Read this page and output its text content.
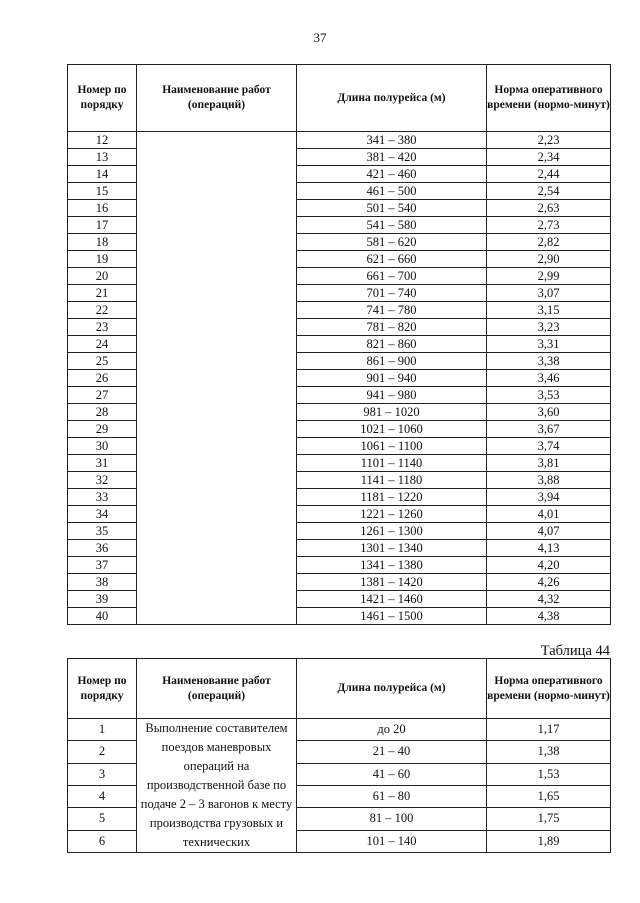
37
Номер по порядку	Наименование работ (операций)	Длина полурейса (м)	Норма оперативного времени (нормо-минут)
12		341 – 380	2,23
13		381 – 420	2,34
14		421 – 460	2,44
15		461 – 500	2,54
16		501 – 540	2,63
17		541 – 580	2,73
18		581 – 620	2,82
19		621 – 660	2,90
20		661 – 700	2,99
21		701 – 740	3,07
22		741 – 780	3,15
23		781 – 820	3,23
24		821 – 860	3,31
25		861 – 900	3,38
26		901 – 940	3,46
27		941 – 980	3,53
28		981 – 1020	3,60
29		1021 – 1060	3,67
30		1061 – 1100	3,74
31		1101 – 1140	3,81
32		1141 – 1180	3,88
33		1181 – 1220	3,94
34		1221 – 1260	4,01
35		1261 – 1300	4,07
36		1301 – 1340	4,13
37		1341 – 1380	4,20
38		1381 – 1420	4,26
39		1421 – 1460	4,32
40		1461 – 1500	4,38
Таблица 44
Номер по порядку	Наименование работ (операций)	Длина полурейса (м)	Норма оперативного времени (нормо-минут)
1	Выполнение составителем поездов маневровых операций на производственной базе по подаче 2 – 3 вагонов к месту производства грузовых и технических	до 20	1,17
2		21 – 40	1,38
3		41 – 60	1,53
4		61 – 80	1,65
5		81 – 100	1,75
6		101 – 140	1,89
